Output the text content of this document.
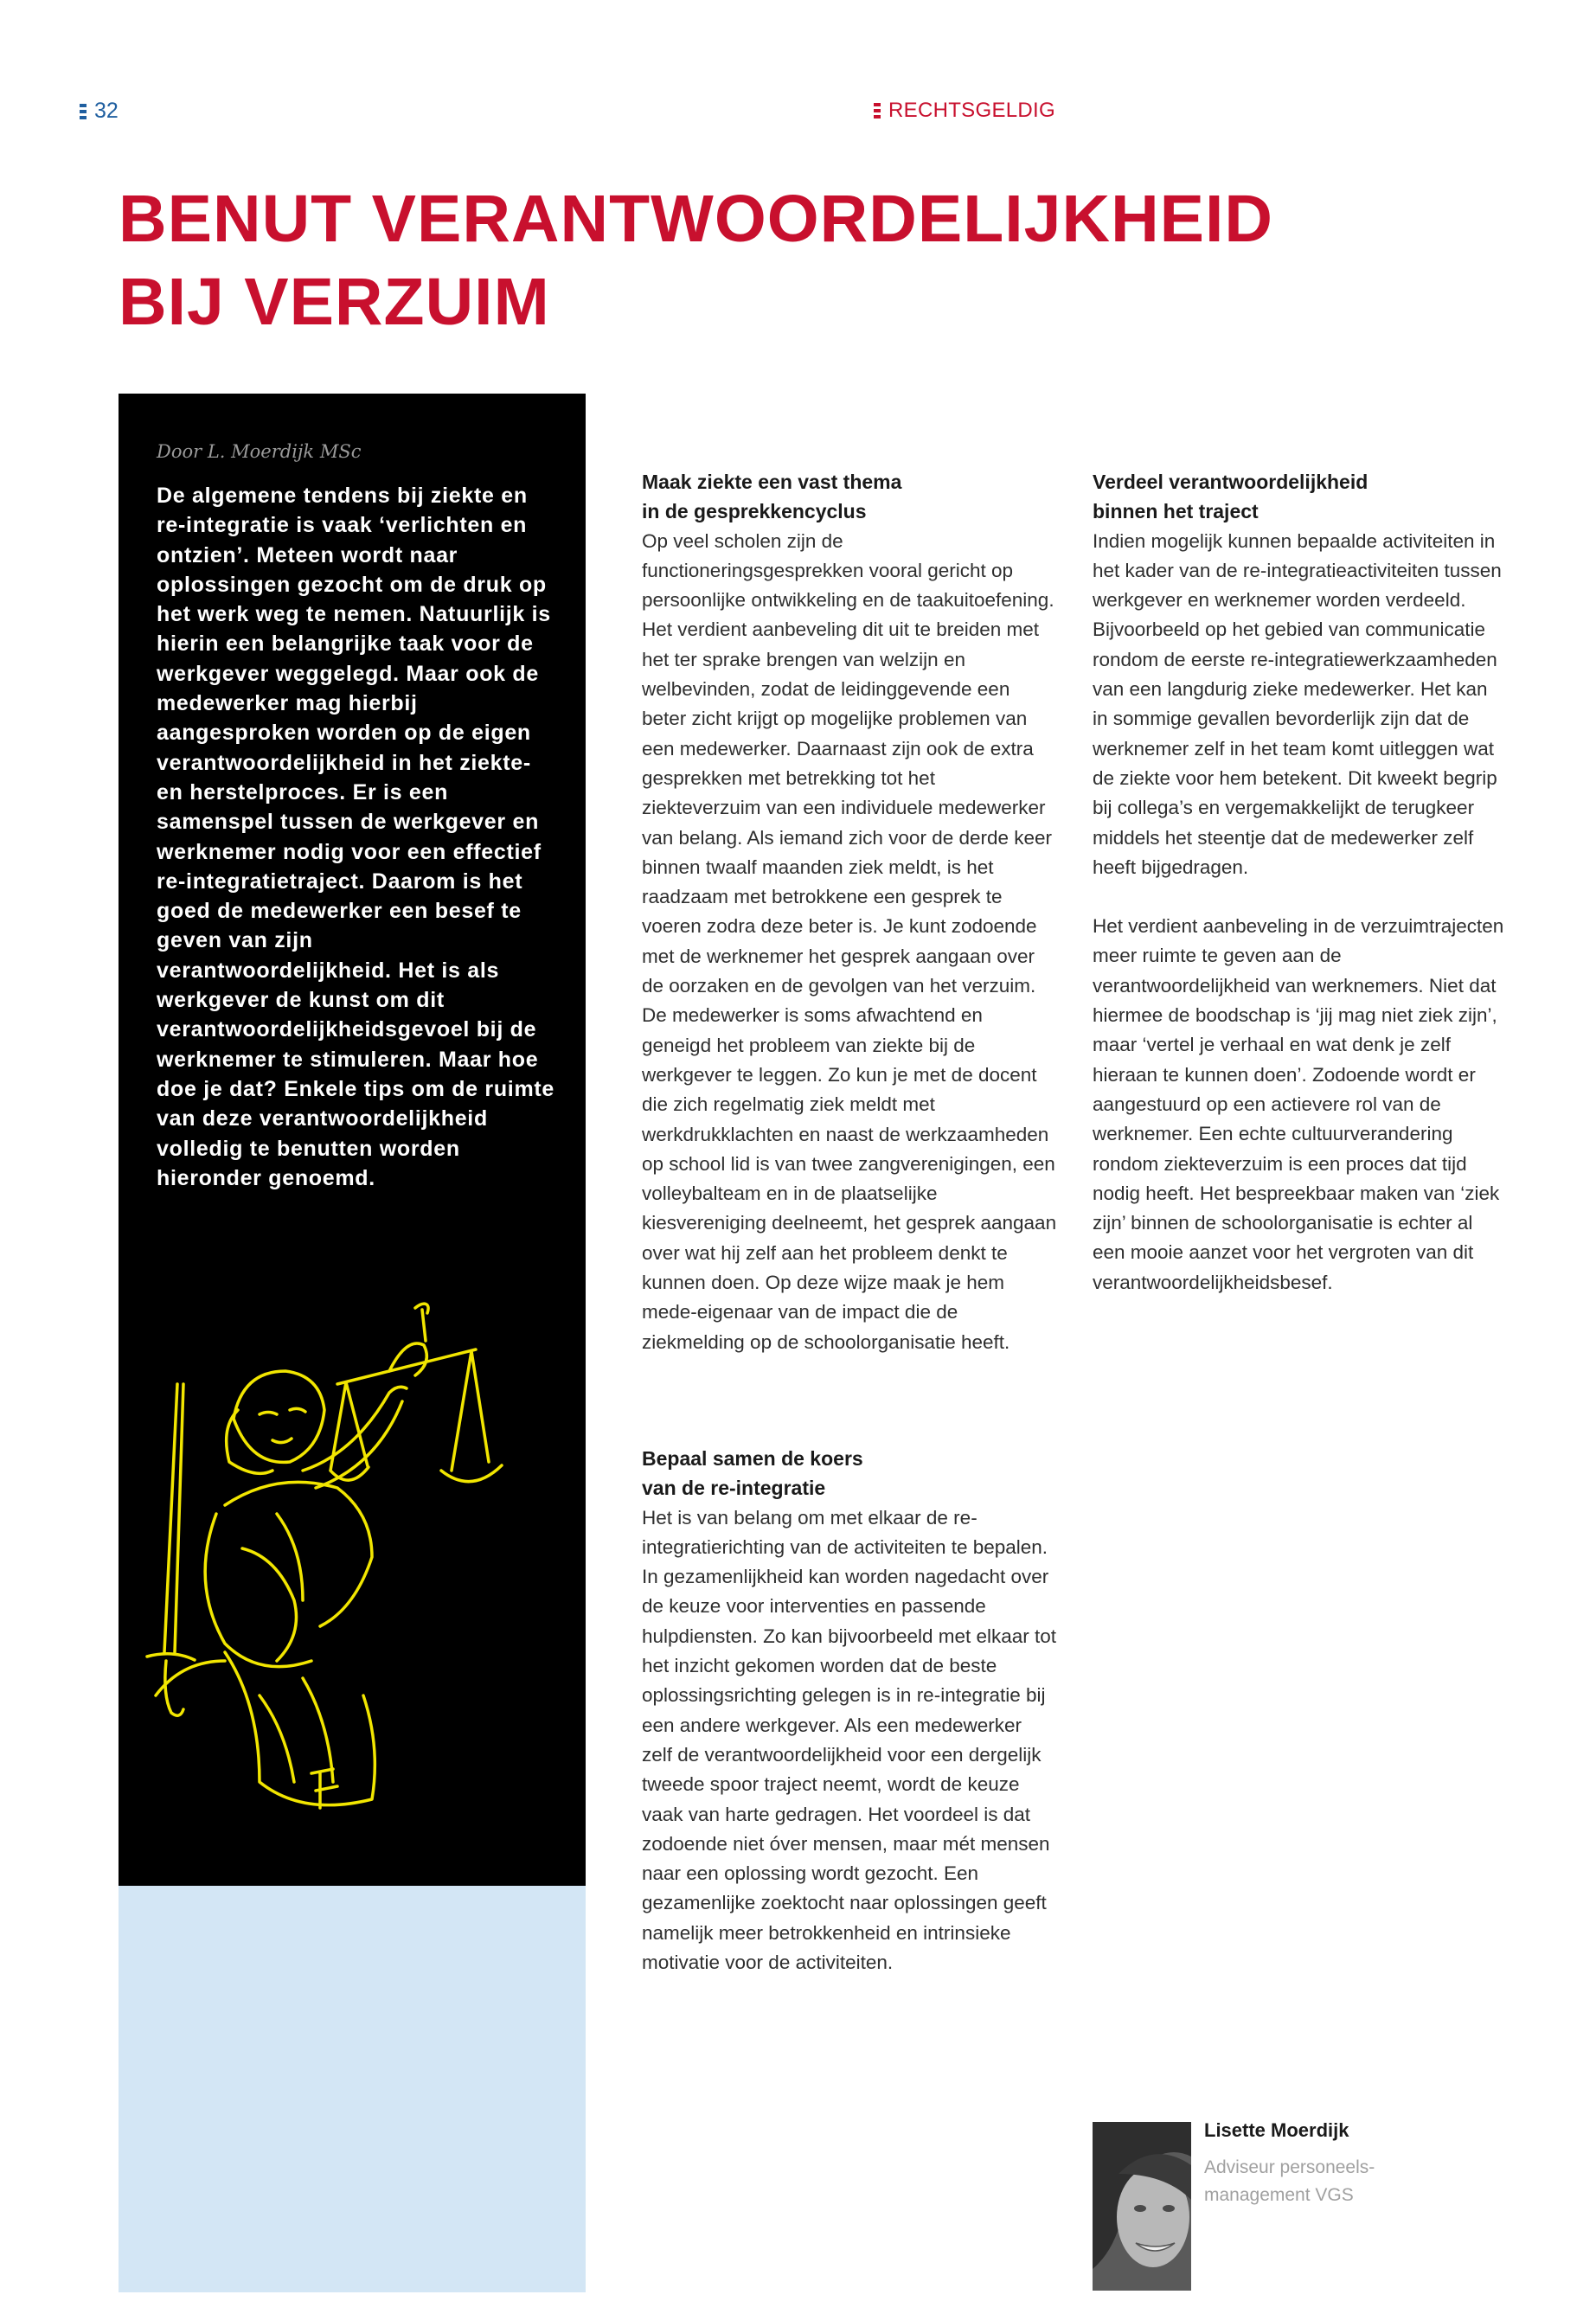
32	RECHTSGELDIG
BENUT VERANTWOORDELIJKHEID
BIJ VERZUIM
Door L. Moerdijk MSc

De algemene tendens bij ziekte en re-integratie is vaak ‘verlichten en ontzien’. Meteen wordt naar oplossingen gezocht om de druk op het werk weg te nemen. Natuurlijk is hierin een belangrijke taak voor de werkgever weggelegd. Maar ook de medewerker mag hierbij aangesproken worden op de eigen verantwoordelijkheid in het ziekte- en herstelproces. Er is een samenspel tussen de werkgever en werknemer nodig voor een effectief re-integratietraject. Daarom is het goed de medewerker een besef te geven van zijn verantwoordelijkheid. Het is als werkgever de kunst om dit verantwoordelijkheidsgevoel bij de werknemer te stimuleren. Maar hoe doe je dat? Enkele tips om de ruimte van deze verantwoordelijkheid volledig te benutten worden hieronder genoemd.

Maak ziekte een vast thema
in de gesprekkencyclus

Op veel scholen zijn de functioneringsgesprekken vooral gericht op persoonlijke ontwikkeling en de taakuitoefening. Het verdient aanbeveling dit uit te breiden met het ter sprake brengen van welzijn en welbevinden, zodat de leidinggevende een beter zicht krijgt op mogelijke problemen van een medewerker. Daarnaast zijn ook de extra gesprekken met betrekking tot het ziekteverzuim van een individuele medewerker van belang. Als iemand zich voor de derde keer binnen twaalf maanden ziek meldt, is het raadzaam met betrokkene een gesprek te voeren zodra deze beter is. Je kunt zodoende met de werknemer het gesprek aangaan over de oorzaken en de gevolgen van het verzuim. De medewerker is soms afwachtend en geneigd het probleem van ziekte bij de werkgever te leggen. Zo kun je met de docent die zich regelmatig ziek meldt met werkdrukklachten en naast de werkzaamheden op school lid is van twee zangverenigingen, een volleybalteam en in de plaatselijke kiesvereniging deelneemt, het gesprek aangaan over wat hij zelf aan het probleem denkt te kunnen doen. Op deze wijze maak je hem mede-eigenaar van de impact die de ziekmelding op de schoolorganisatie heeft.

Bepaal samen de koers
van de re-integratie

Het is van belang om met elkaar de re-integratierichting van de activiteiten te bepalen. In gezamenlijkheid kan worden nagedacht over de keuze voor interventies en passende hulpdiensten. Zo kan bijvoorbeeld met elkaar tot het inzicht gekomen worden dat de beste oplossingsrichting gelegen is in re-integratie bij een andere werkgever. Als een medewerker zelf de verantwoordelijkheid voor een dergelijk tweede spoor traject neemt, wordt de keuze vaak van harte gedragen. Het voordeel is dat zodoende niet óver mensen, maar mét mensen naar een oplossing wordt gezocht. Een gezamenlijke zoektocht naar oplossingen geeft namelijk meer betrokkenheid en intrinsieke motivatie voor de activiteiten.

Verdeel verantwoordelijkheid
binnen het traject

Indien mogelijk kunnen bepaalde activiteiten in het kader van de re-integratieactiviteiten tussen werkgever en werknemer worden verdeeld. Bijvoorbeeld op het gebied van communicatie rondom de eerste re-integratiewerkzaamheden van een langdurig zieke medewerker. Het kan in sommige gevallen bevorderlijk zijn dat de werknemer zelf in het team komt uitleggen wat de ziekte voor hem betekent. Dit kweekt begrip bij collega’s en vergemakkelijkt de terugkeer middels het steentje dat de medewerker zelf heeft bijgedragen.

Het verdient aanbeveling in de verzuimtrajecten meer ruimte te geven aan de verantwoordelijkheid van werknemers. Niet dat hiermee de boodschap is ‘jij mag niet ziek zijn’, maar ‘vertel je verhaal en wat denk je zelf hieraan te kunnen doen’. Zodoende wordt er aangestuurd op een actievere rol van de werknemer. Een echte cultuurverandering rondom ziekteverzuim is een proces dat tijd nodig heeft. Het bespreekbaar maken van ‘ziek zijn’ binnen de schoolorganisatie is echter al een mooie aanzet voor het vergroten van dit verantwoordelijkheidsbesef.

Lisette Moerdijk
Adviseur personeels-
management VGS
